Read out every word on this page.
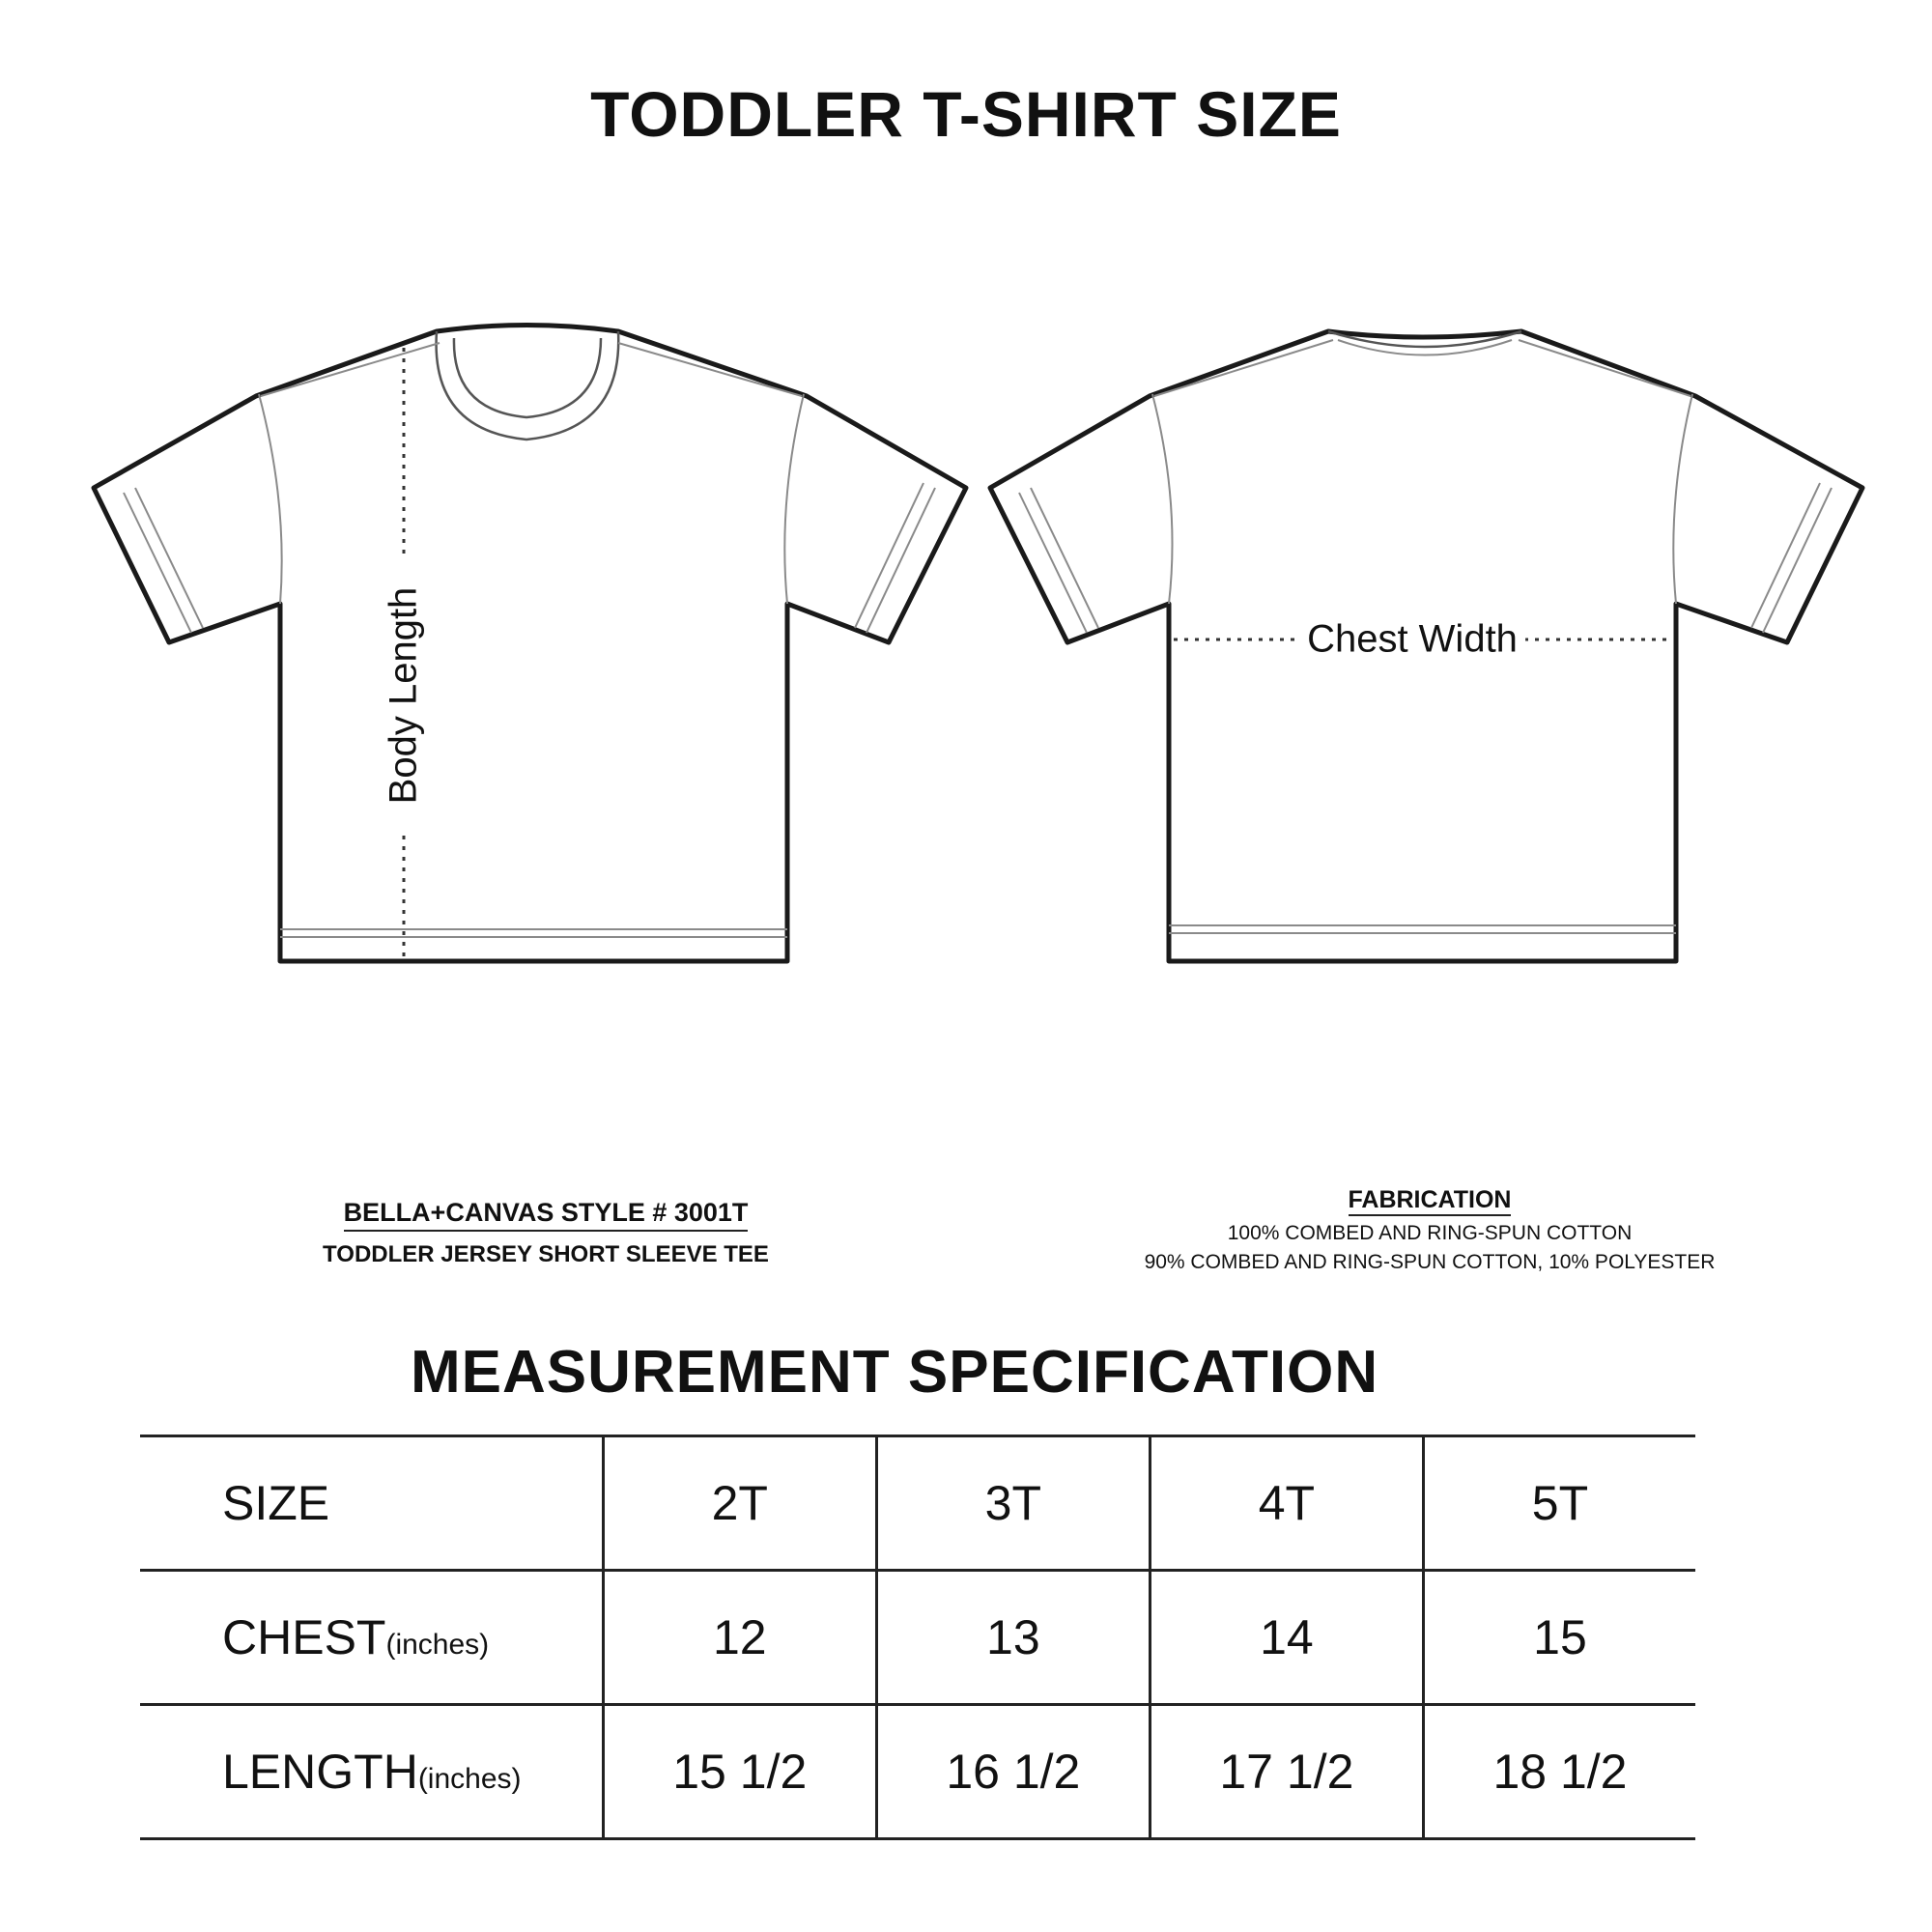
TODDLER T-SHIRT SIZE
Body Length	Chest Width
BELLA+CANVAS STYLE # 3001T
TODDLER JERSEY SHORT SLEEVE TEE
FABRICATION
100% COMBED AND RING-SPUN COTTON
90% COMBED AND RING-SPUN COTTON, 10% POLYESTER
MEASUREMENT SPECIFICATION
SIZE	2T	3T	4T	5T
CHEST(inches)	12	13	14	15
LENGTH(inches)	15 1/2	16 1/2	17 1/2	18 1/2
